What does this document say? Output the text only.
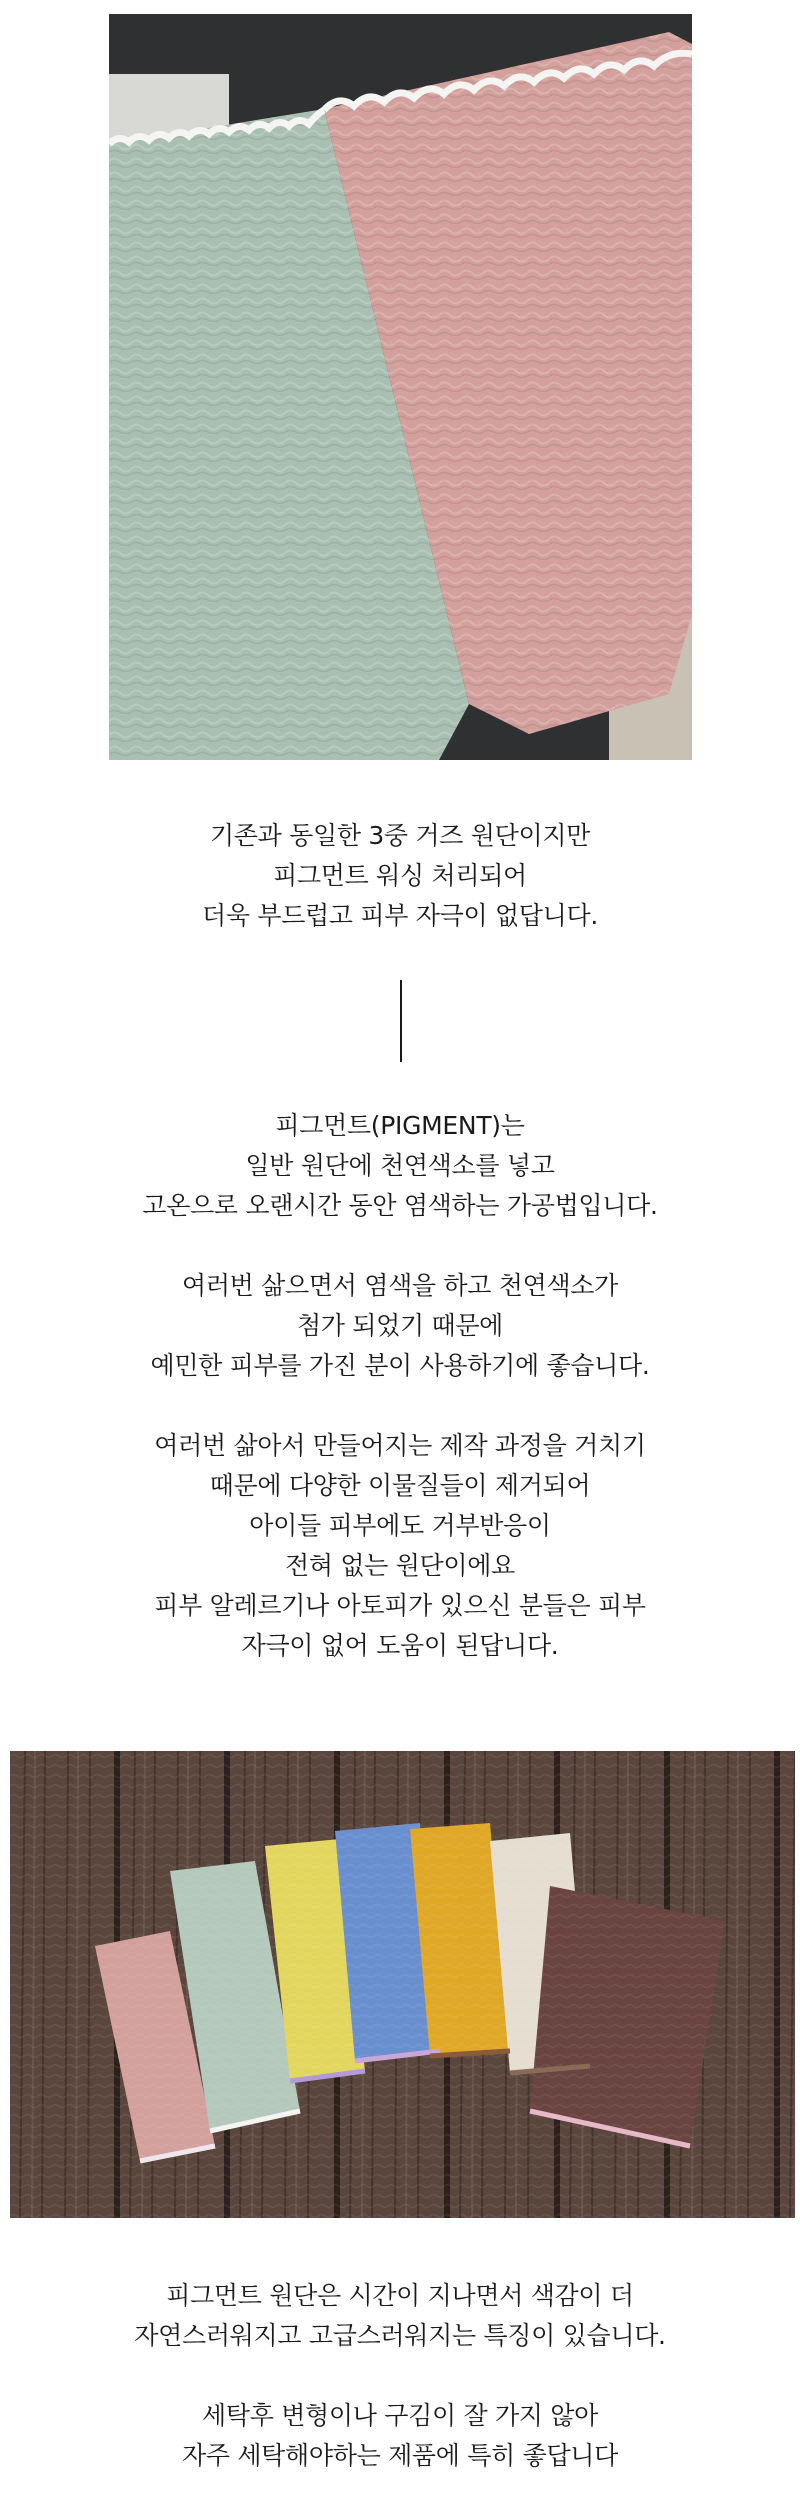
기존과 동일한 3중 거즈 원단이지만

피그먼트 워싱 처리되어

더욱 부드럽고 피부 자극이 없답니다.

피그먼트(PIGMENT)는

일반 원단에 천연색소를 넣고

고온으로 오랜시간 동안 염색하는 가공법입니다.

여러번 삶으면서 염색을 하고 천연색소가

첨가 되었기 때문에

예민한 피부를 가진 분이 사용하기에 좋습니다.

여러번 삶아서 만들어지는 제작 과정을 거치기

때문에 다양한 이물질들이 제거되어

아이들 피부에도 거부반응이

전혀 없는 원단이에요

피부 알레르기나 아토피가 있으신 분들은 피부

자극이 없어 도움이 된답니다.

피그먼트 원단은 시간이 지나면서 색감이 더

자연스러워지고 고급스러워지는 특징이 있습니다.

세탁후 변형이나 구김이 잘 가지 않아

자주 세탁해야하는 제품에 특히 좋답니다
